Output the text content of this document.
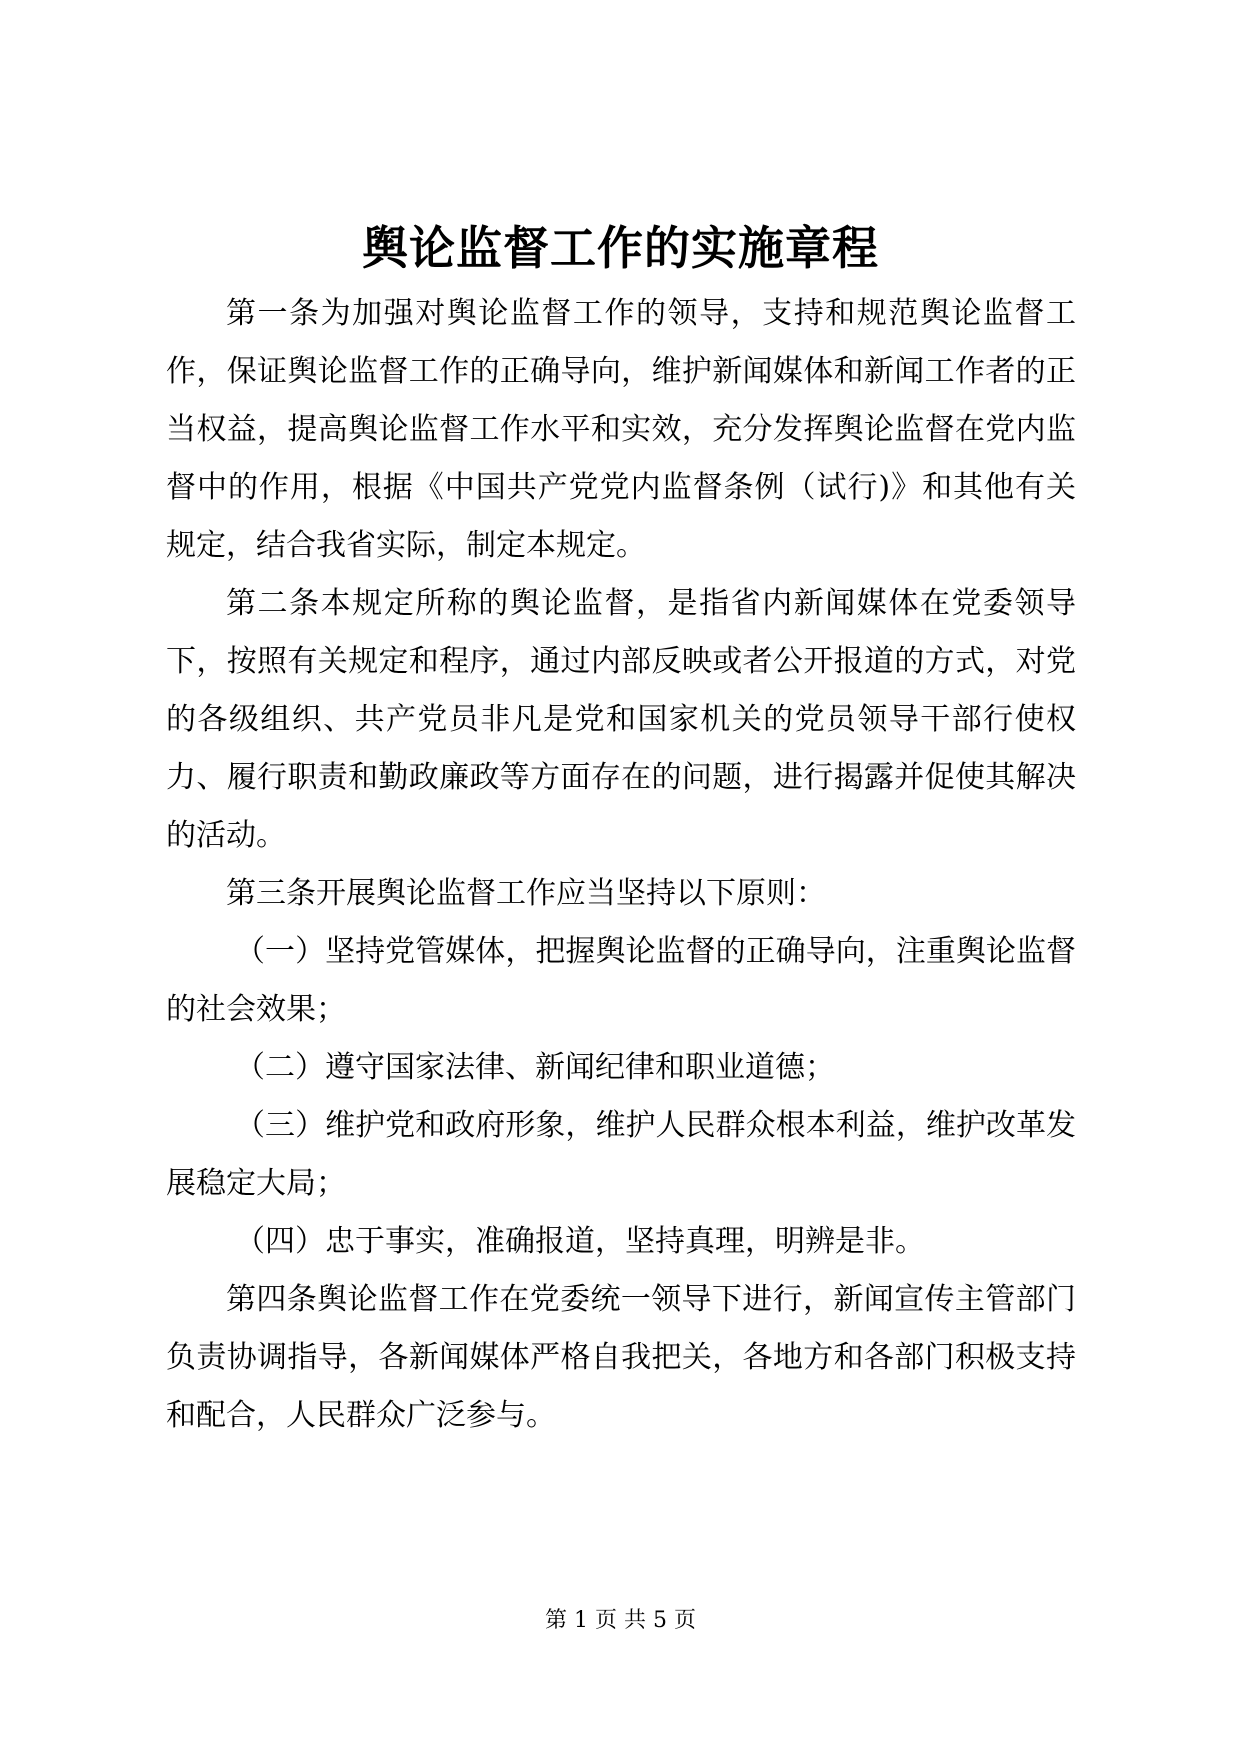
舆论监督工作的实施章程

第一条为加强对舆论监督工作的领导，支持和规范舆论监督工作，保证舆论监督工作的正确导向，维护新闻媒体和新闻工作者的正当权益，提高舆论监督工作水平和实效，充分发挥舆论监督在党内监督中的作用，根据《中国共产党党内监督条例（试行)》和其他有关规定，结合我省实际，制定本规定。

第二条本规定所称的舆论监督，是指省内新闻媒体在党委领导下，按照有关规定和程序，通过内部反映或者公开报道的方式，对党的各级组织、共产党员非凡是党和国家机关的党员领导干部行使权力、履行职责和勤政廉政等方面存在的问题，进行揭露并促使其解决的活动。

第三条开展舆论监督工作应当坚持以下原则：

（一）坚持党管媒体，把握舆论监督的正确导向，注重舆论监督的社会效果；

（二）遵守国家法律、新闻纪律和职业道德；

（三）维护党和政府形象，维护人民群众根本利益，维护改革发展稳定大局；

（四）忠于事实，准确报道，坚持真理，明辨是非。

第四条舆论监督工作在党委统一领导下进行，新闻宣传主管部门负责协调指导，各新闻媒体严格自我把关，各地方和各部门积极支持和配合，人民群众广泛参与。

第 1 页 共 5 页
